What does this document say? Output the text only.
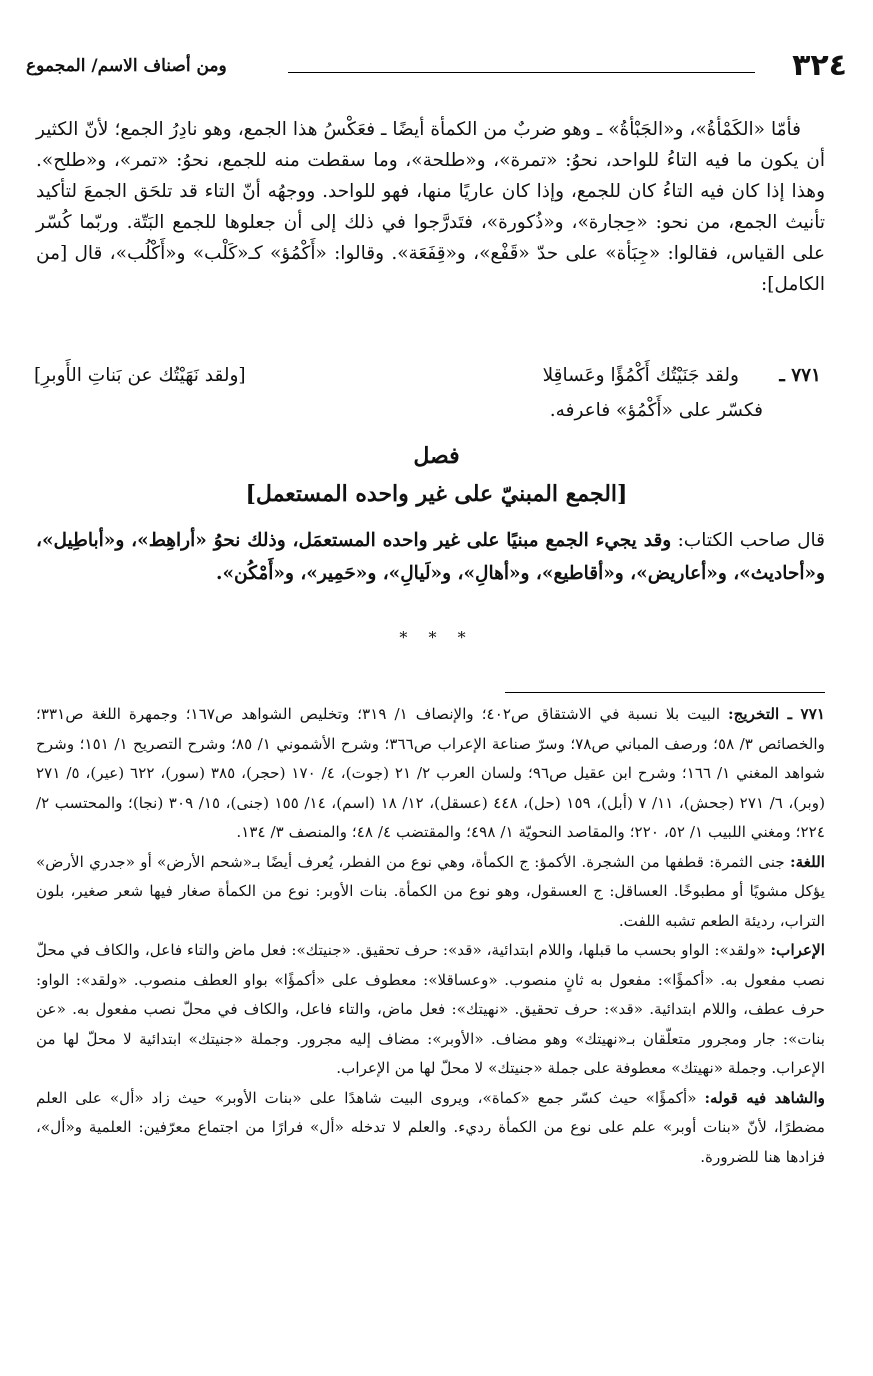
٣٢٤
ومن أصناف الاسم/ المجموع

فأمّا «الكَمْأةُ»، و«الجَبْأةُ» ـ وهو ضربٌ من الكمأة أيضًا ـ فعَكْسُ هذا الجمع، وهو نادِرُ الجمع؛ لأنّ الكثير أن يكون ما فيه التاءُ للواحد، نحوُ: «تمرة»، و«طلحة»، وما سقطت منه للجمع، نحوُ: «تمر»، و«طلح». وهذا إذا كان فيه التاءُ كان للجمع، وإذا كان عاريًا منها، فهو للواحد. ووجهُه أنّ التاء قد تلحَق الجمعَ لتأكيد تأنيث الجمع، من نحو: «حِجارة»، و«ذُكورة»، فتَدرَّجوا في ذلك إلى أن جعلوها للجمع البَتّة. وربّما كُسّر على القياس، فقالوا: «جِبَأة» على حدّ «قَفْع»، و«قِفَعَة». وقالوا: «أَكْمُؤ» كـ«كَلْب» و«أَكْلُب»، قال [من الكامل]:

٧٧١ ـ
ولقد جَنَيْتُك أَكْمُؤًا وعَساقِلا
[ولقد نَهَيْتُك عن بَناتِ الأَوبرِ]
فكسّر على «أَكْمُؤ» فاعرفه.
فصل
[الجمع المبنيّ على غير واحده المستعمل]
قال صاحب الكتاب: وقد يجيء الجمع مبنيًا على غير واحده المستعمَل، وذلك نحوُ «أراهِط»، و«أباطِيل»، و«أحاديث»، و«أعاريض»، و«أقاطيع»، و«أهالِ»، و«لَيالِ»، و«حَمِير»، و«أَمْكُن».
* * *

٧٧١ ـ التخريج: البيت بلا نسبة في الاشتقاق ص٤٠٢؛ والإنصاف ١/ ٣١٩؛ وتخليص الشواهد ص١٦٧؛ وجمهرة اللغة ص٣٣١؛ والخصائص ٣/ ٥٨؛ ورصف المباني ص٧٨؛ وسرّ صناعة الإعراب ص٣٦٦؛ وشرح الأشموني ١/ ٨٥؛ وشرح التصريح ١/ ١٥١؛ وشرح شواهد المغني ١/ ١٦٦؛ وشرح ابن عقيل ص٩٦؛ ولسان العرب ٢/ ٢١ (جوت)، ٤/ ١٧٠ (حجر)، ٣٨٥ (سور)، ٦٢٢ (عير)، ٥/ ٢٧١ (وبر)، ٦/ ٢٧١ (جحش)، ١١/ ٧ (أبل)، ١٥٩ (حل)، ٤٤٨ (عسقل)، ١٢/ ١٨ (اسم)، ١٤/ ١٥٥ (جنى)، ١٥/ ٣٠٩ (نجا)؛ والمحتسب ٢/ ٢٢٤؛ ومغني اللبيب ١/ ٥٢، ٢٢٠؛ والمقاصد النحويّة ١/ ٤٩٨؛ والمقتضب ٤/ ٤٨؛ والمنصف ٣/ ١٣٤.

اللغة: جنى الثمرة: قطفها من الشجرة. الأكمؤ: ج الكمأة، وهي نوع من الفطر، يُعرف أيضًا بـ«شحم الأرض» أو «جدري الأرض» يؤكل مشويًا أو مطبوخًا. العساقل: ج العسقول، وهو نوع من الكمأة. بنات الأوبر: نوع من الكمأة صغار فيها شعر صغير، بلون التراب، رديئة الطعم تشبه اللفت.

الإعراب: «ولقد»: الواو بحسب ما قبلها، واللام ابتدائية، «قد»: حرف تحقيق. «جنيتك»: فعل ماض والتاء فاعل، والكاف في محلّ نصب مفعول به. «أكمؤًا»: مفعول به ثانٍ منصوب. «وعساقلا»: معطوف على «أكمؤًا» بواو العطف منصوب. «ولقد»: الواو: حرف عطف، واللام ابتدائية. «قد»: حرف تحقيق. «نهيتك»: فعل ماض، والتاء فاعل، والكاف في محلّ نصب مفعول به. «عن بنات»: جار ومجرور متعلّقان بـ«نهيتك» وهو مضاف. «الأوبر»: مضاف إليه مجرور. وجملة «جنيتك» ابتدائية لا محلّ لها من الإعراب. وجملة «نهيتك» معطوفة على جملة «جنيتك» لا محلّ لها من الإعراب.

والشاهد فيه قوله: «أكمؤًا» حيث كسّر جمع «كماة»، ويروى البيت شاهدًا على «بنات الأوبر» حيث زاد «أل» على العلم مضطرًا، لأنّ «بنات أوبر» علم على نوع من الكمأة رديء. والعلم لا تدخله «أل» فرارًا من اجتماع معرّفين: العلمية و«أل»، فزادها هنا للضرورة.
